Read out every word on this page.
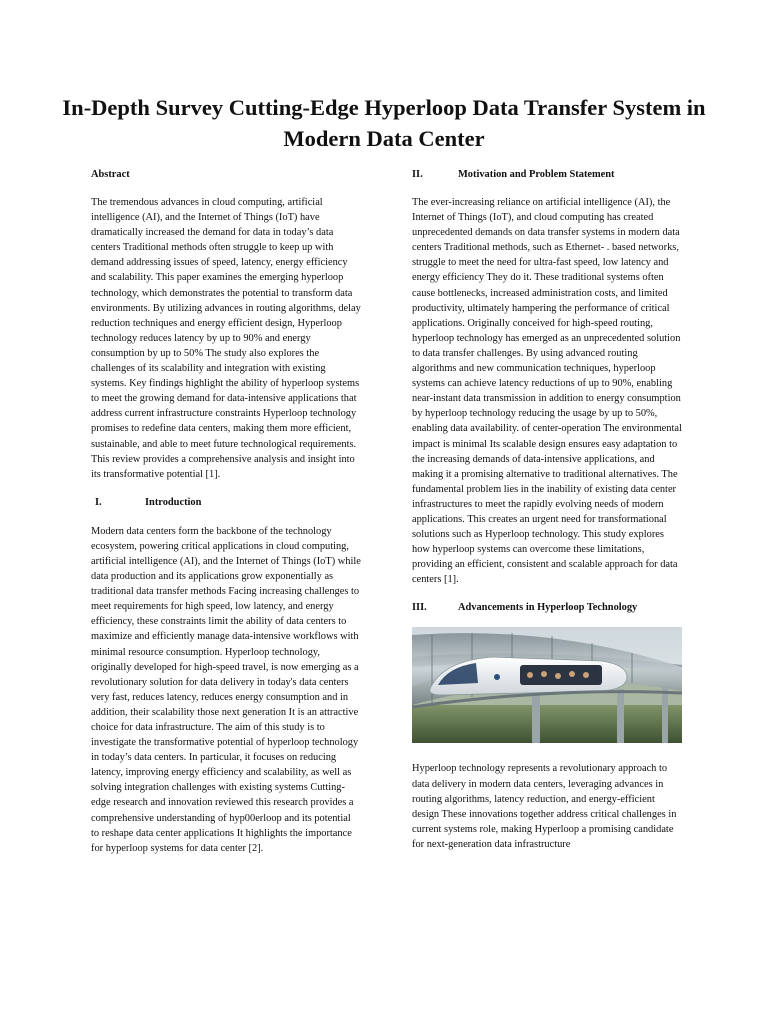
In-Depth Survey Cutting-Edge Hyperloop Data Transfer System in Modern Data Center
Abstract

The tremendous advances in cloud computing, artificial intelligence (AI), and the Internet of Things (IoT) have dramatically increased the demand for data in today’s data centers Traditional methods often struggle to keep up with demand addressing issues of speed, latency, energy efficiency and scalability. This paper examines the emerging hyperloop technology, which demonstrates the potential to transform data environments. By utilizing advances in routing algorithms, delay reduction techniques and energy efficient design, Hyperloop technology reduces latency by up to 90% and energy consumption by up to 50% The study also explores the challenges of its scalability and integration with existing systems. Key findings highlight the ability of hyperloop systems to meet the growing demand for data-intensive applications that address current infrastructure constraints Hyperloop technology promises to redefine data centers, making them more efficient, sustainable, and able to meet future technological requirements. This review provides a comprehensive analysis and insight into its transformative potential [1].

I.	Introduction

Modern data centers form the backbone of the technology ecosystem, powering critical applications in cloud computing, artificial intelligence (AI), and the Internet of Things (IoT) while data production and its applications grow exponentially as traditional data transfer methods Facing increasing challenges to meet requirements for high speed, low latency, and energy efficiency, these constraints limit the ability of data centers to maximize and efficiently manage data-intensive workflows with minimal resource consumption. Hyperloop technology, originally developed for high-speed travel, is now emerging as a revolutionary solution for data delivery in today's data centers very fast, reduces latency, reduces energy consumption and in addition, their scalability those next generation It is an attractive choice for data infrastructure. The aim of this study is to investigate the transformative potential of hyperloop technology in today’s data centers. In particular, it focuses on reducing latency, improving energy efficiency and scalability, as well as solving integration challenges with existing systems Cutting-edge research and innovation reviewed this research provides a comprehensive understanding of hyp00erloop and its potential to reshape data center applications It highlights the importance for hyperloop systems for data center [2].

II.	Motivation and Problem Statement

The ever-increasing reliance on artificial intelligence (AI), the Internet of Things (IoT), and cloud computing has created unprecedented demands on data transfer systems in modern data centers Traditional methods, such as Ethernet- . based networks, struggle to meet the need for ultra-fast speed, low latency and energy efficiency They do it. These traditional systems often cause bottlenecks, increased administration costs, and limited productivity, ultimately hampering the performance of critical applications. Originally conceived for high-speed routing, hyperloop technology has emerged as an unprecedented solution to data transfer challenges. By using advanced routing algorithms and new communication techniques, hyperloop systems can achieve latency reductions of up to 90%, enabling near-instant data transmission in addition to energy consumption by hyperloop technology reducing the usage by up to 50%, enabling data availability. of center-operation The environmental impact is minimal Its scalable design ensures easy adaptation to the increasing demands of data-intensive applications, and making it a promising alternative to traditional alternatives. The fundamental problem lies in the inability of existing data center infrastructures to meet the rapidly evolving needs of modern applications. This creates an urgent need for transformational solutions such as Hyperloop technology. This study explores how hyperloop systems can overcome these limitations, providing an efficient, consistent and scalable approach for data centers [1].

III.	Advancements in Hyperloop Technology

Hyperloop technology represents a revolutionary approach to data delivery in modern data centers, leveraging advances in routing algorithms, latency reduction, and energy-efficient design These innovations together address critical challenges in current systems role, making Hyperloop a promising candidate for next-generation data infrastructure
